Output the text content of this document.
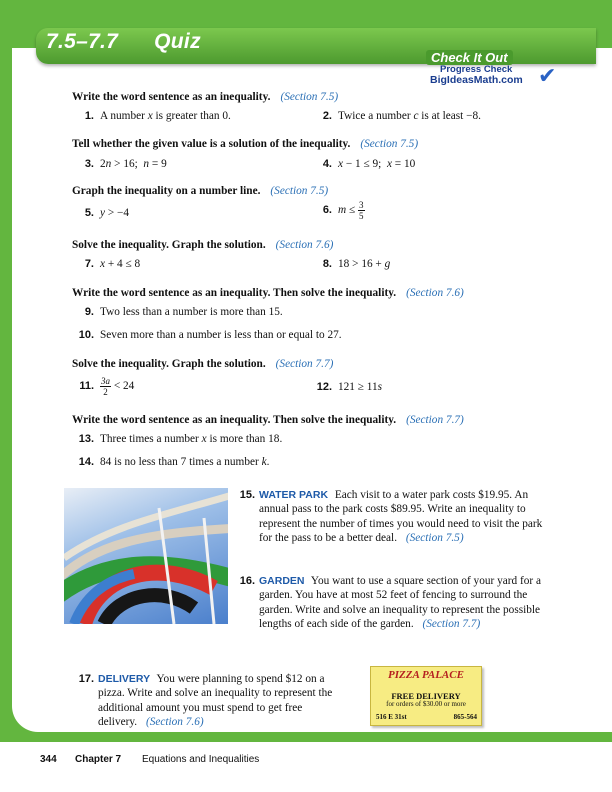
7.5–7.7 Quiz
Check It Out
Progress Check
BigIdeasMath.com ✔
Write the word sentence as an inequality. (Section 7.5)
1. A number x is greater than 0.	2. Twice a number c is at least −8.
Tell whether the given value is a solution of the inequality. (Section 7.5)
3. 2n > 16;  n = 9	4. x − 1 ≤ 9;  x = 10
Graph the inequality on a number line. (Section 7.5)
5. y > −4	6. $m \le \frac{3}{5}$
Solve the inequality. Graph the solution. (Section 7.6)
7. x + 4 ≤ 8	8. 18 > 16 + g
Write the word sentence as an inequality. Then solve the inequality. (Section 7.6)
9. Two less than a number is more than 15.
10. Seven more than a number is less than or equal to 27.
Solve the inequality. Graph the solution. (Section 7.7)
11. $\frac{3a}{2} < 24$	12. 121 ≥ 11s
Write the word sentence as an inequality. Then solve the inequality. (Section 7.7)
13. Three times a number x is more than 18.
14. 84 is no less than 7 times a number k.
15. WATER PARK Each visit to a water park costs $19.95. An annual pass to the park costs $89.95. Write an inequality to represent the number of times you would need to visit the park for the pass to be a better deal. (Section 7.5)
16. GARDEN You want to use a square section of your yard for a garden. You have at most 52 feet of fencing to surround the garden. Write and solve an inequality to represent the possible lengths of each side of the garden. (Section 7.7)
17. DELIVERY You were planning to spend $12 on a pizza. Write and solve an inequality to represent the additional amount you must spend to get free delivery. (Section 7.6)
PIZZA PALACE
FREE DELIVERY
for orders of $30.00 or more
516 E 31st	865-564
344 Chapter 7 Equations and Inequalities
